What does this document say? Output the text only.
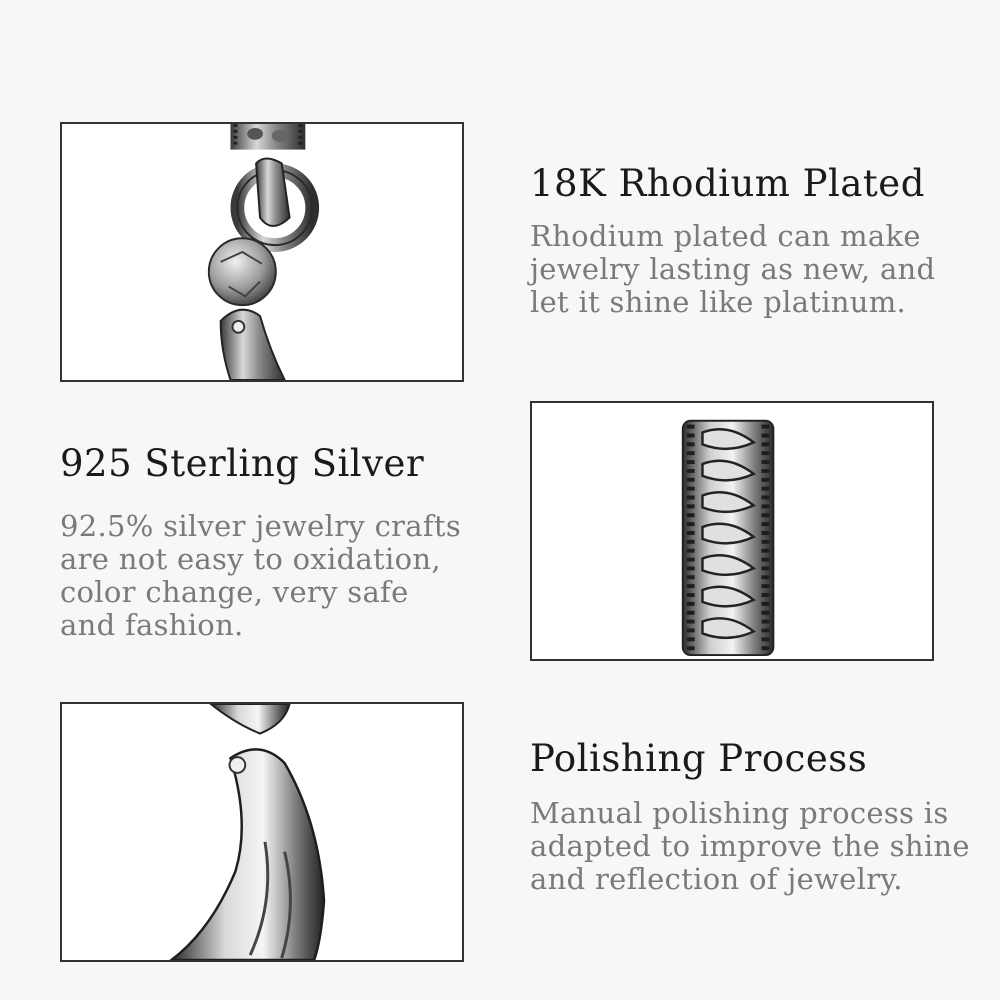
18K Rhodium Plated
Rhodium plated can make
jewelry lasting as new, and
let it shine like platinum.
925 Sterling Silver
92.5% silver jewelry crafts
are not easy to oxidation,
color change, very safe
and fashion.
Polishing Process
Manual polishing process is
adapted to improve the shine
and reflection of jewelry.
